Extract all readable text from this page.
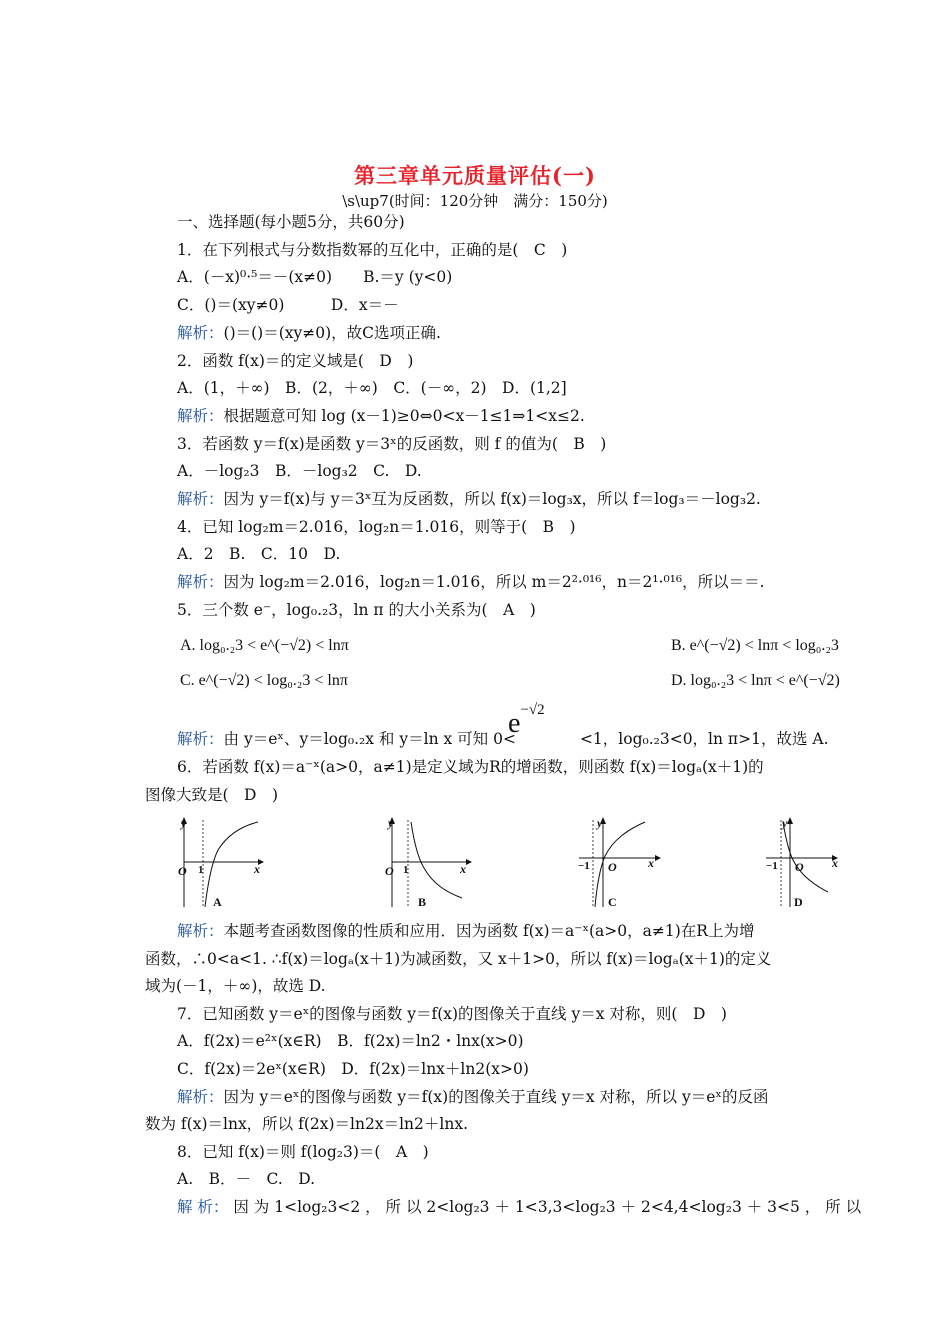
第三章单元质量评估(一)
\s\up7(时间：120分钟　满分：150分)
一、选择题(每小题5分，共60分)
1．在下列根式与分数指数幂的互化中，正确的是(　C　)
A．(－x)⁰·⁵＝－(x≠0)　　B.＝y (y<0)
C．()＝(xy≠0)　　　D．x＝－
解析：()＝()＝(xy≠0)，故C选项正确.
2．函数 f(x)＝的定义域是(　D　)
A．(1，＋∞)　B．(2，＋∞)　C．(－∞，2)　D．(1,2]
解析：根据题意可知 log (x－1)≥0⇔0<x－1≤1⇒1<x≤2.
3．若函数 y＝f(x)是函数 y＝3ˣ的反函数，则 f 的值为(　B　)
A．－log₂3　B．－log₃2　C.　D.
解析：因为 y＝f(x)与 y＝3ˣ互为反函数，所以 f(x)＝log₃x，所以 f＝log₃＝－log₃2.
4．已知 log₂m＝2.016，log₂n＝1.016，则等于(　B　)
A．2　B.　C．10　D.
解析：因为 log₂m＝2.016，log₂n＝1.016，所以 m＝2²·⁰¹⁶，n＝2¹·⁰¹⁶，所以＝＝.
5．三个数 e⁻，log₀.₂3，ln π 的大小关系为(　A　)
A. log₀.₂3 < e^(−√2) < lnπ	B. e^(−√2) < lnπ < log₀.₂3
C. e^(−√2) < log₀.₂3 < lnπ	D. log₀.₂3 < lnπ < e^(−√2)
解析：由 y＝eˣ、y＝log₀.₂x 和 y＝ln x 可知 0<	<1，log₀.₂3<0，ln π>1，故选 A.
$e^{-√2}$
6．若函数 f(x)＝a⁻ˣ(a>0，a≠1)是定义域为R的增函数，则函数 f(x)＝logₐ(x＋1)的
图像大致是(　D　)
y
x
O 1
A
y
x
O 1
B
y
x
O
−1
C
y
x
O
−1
D
解析：本题考查函数图像的性质和应用．因为函数 f(x)＝a⁻ˣ(a>0，a≠1)在R上为增
函数，∴0<a<1. ∴f(x)＝logₐ(x＋1)为减函数，又 x＋1>0，所以 f(x)＝logₐ(x＋1)的定义
域为(－1，＋∞)，故选 D.
7．已知函数 y＝eˣ的图像与函数 y＝f(x)的图像关于直线 y＝x 对称，则(　D　)
A．f(2x)＝e²ˣ(x∈R)　B．f(2x)＝ln2・lnx(x>0)
C．f(2x)＝2eˣ(x∈R)　D．f(2x)＝lnx＋ln2(x>0)
解析：因为 y＝eˣ的图像与函数 y＝f(x)的图像关于直线 y＝x 对称，所以 y＝eˣ的反函
数为 f(x)＝lnx，所以 f(2x)＝ln2x＝ln2＋lnx.
8．已知 f(x)＝则 f(log₂3)＝(　A　)
A.　B．－　C.　D.
解 析： 因 为 1<log₂3<2 ， 所 以 2<log₂3 ＋ 1<3,3<log₂3 ＋ 2<4,4<log₂3 ＋ 3<5 ， 所 以
